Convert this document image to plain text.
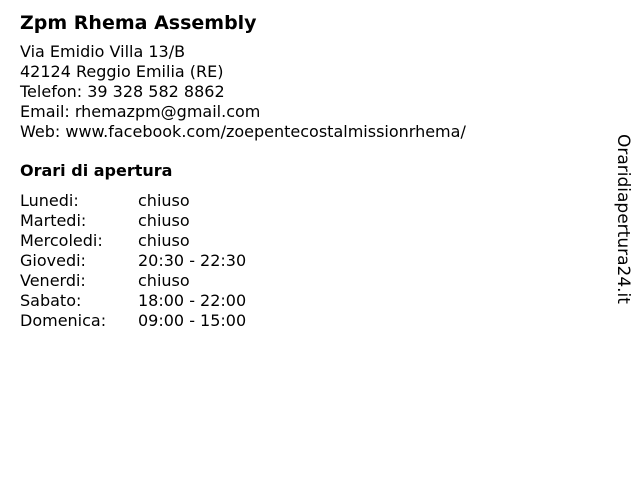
Zpm Rhema Assembly
Via Emidio Villa 13/B
42124 Reggio Emilia (RE)
Telefon: 39 328 582 8862
Email: rhemazpm@gmail.com
Web: www.facebook.com/zoepentecostalmissionrhema/
Orari di apertura
Lunedi:	chiuso
Martedi:	chiuso
Mercoledi:	chiuso
Giovedi:	20:30 - 22:30
Venerdi:	chiuso
Sabato:	18:00 - 22:00
Domenica:	09:00 - 15:00
Oraridiapertura24.it
